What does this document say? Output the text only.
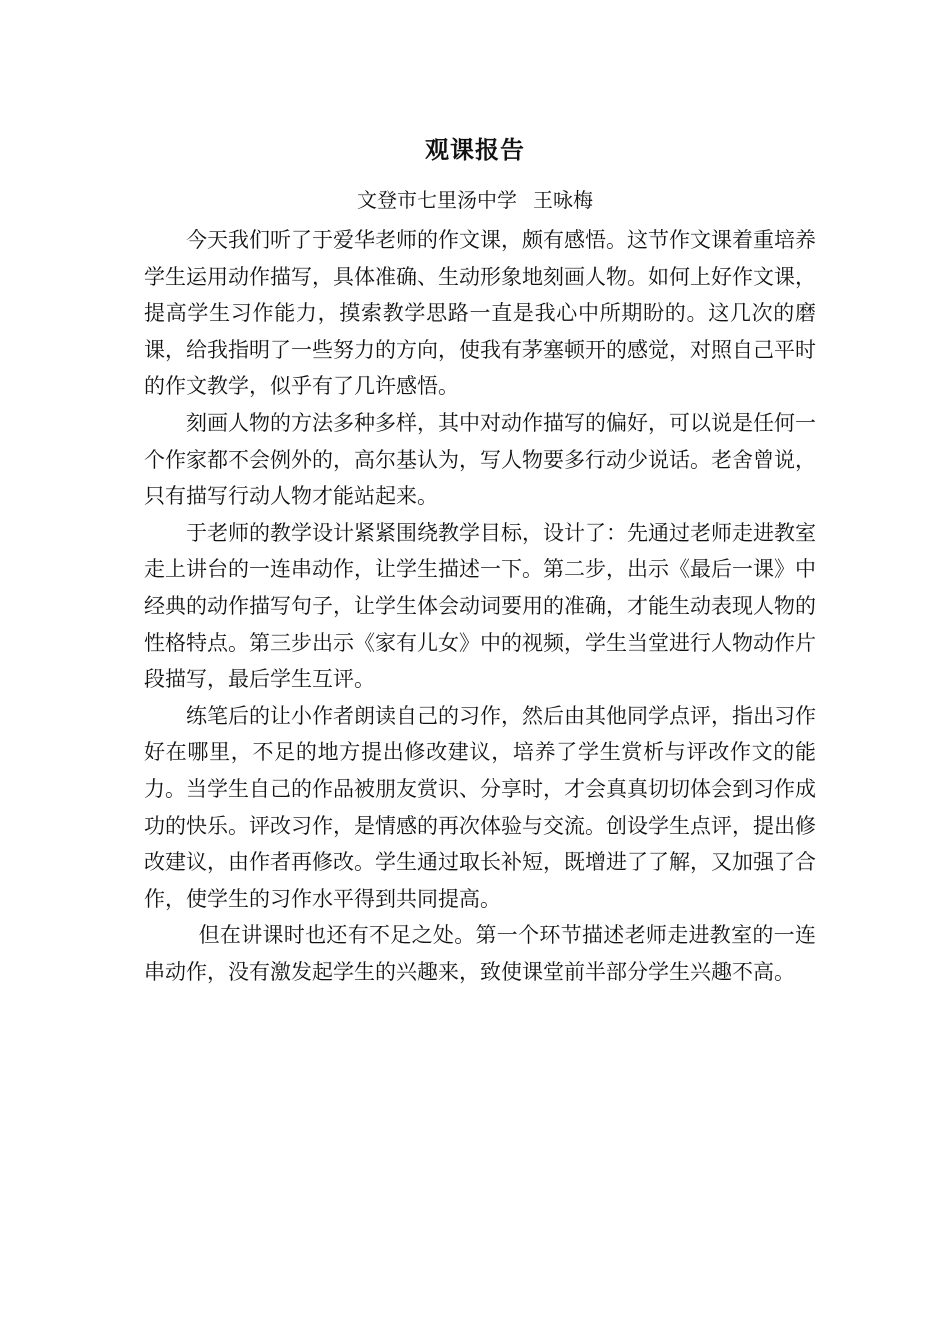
观课报告
文登市七里汤中学 王咏梅

今天我们听了于爱华老师的作文课，颇有感悟。这节作文课着重培养学生运用动作描写，具体准确、生动形象地刻画人物。如何上好作文课，提高学生习作能力，摸索教学思路一直是我心中所期盼的。这几次的磨课，给我指明了一些努力的方向，使我有茅塞顿开的感觉，对照自己平时的作文教学，似乎有了几许感悟。

刻画人物的方法多种多样，其中对动作描写的偏好，可以说是任何一个作家都不会例外的，高尔基认为，写人物要多行动少说话。老舍曾说，只有描写行动人物才能站起来。

于老师的教学设计紧紧围绕教学目标，设计了：先通过老师走进教室走上讲台的一连串动作，让学生描述一下。第二步，出示《最后一课》中经典的动作描写句子，让学生体会动词要用的准确，才能生动表现人物的性格特点。第三步出示《家有儿女》中的视频，学生当堂进行人物动作片段描写，最后学生互评。

练笔后的让小作者朗读自己的习作，然后由其他同学点评，指出习作好在哪里，不足的地方提出修改建议，培养了学生赏析与评改作文的能力。当学生自己的作品被朋友赏识、分享时，才会真真切切体会到习作成功的快乐。评改习作，是情感的再次体验与交流。创设学生点评，提出修改建议，由作者再修改。学生通过取长补短，既增进了了解，又加强了合作，使学生的习作水平得到共同提高。

但在讲课时也还有不足之处。第一个环节描述老师走进教室的一连串动作，没有激发起学生的兴趣来，致使课堂前半部分学生兴趣不高。
